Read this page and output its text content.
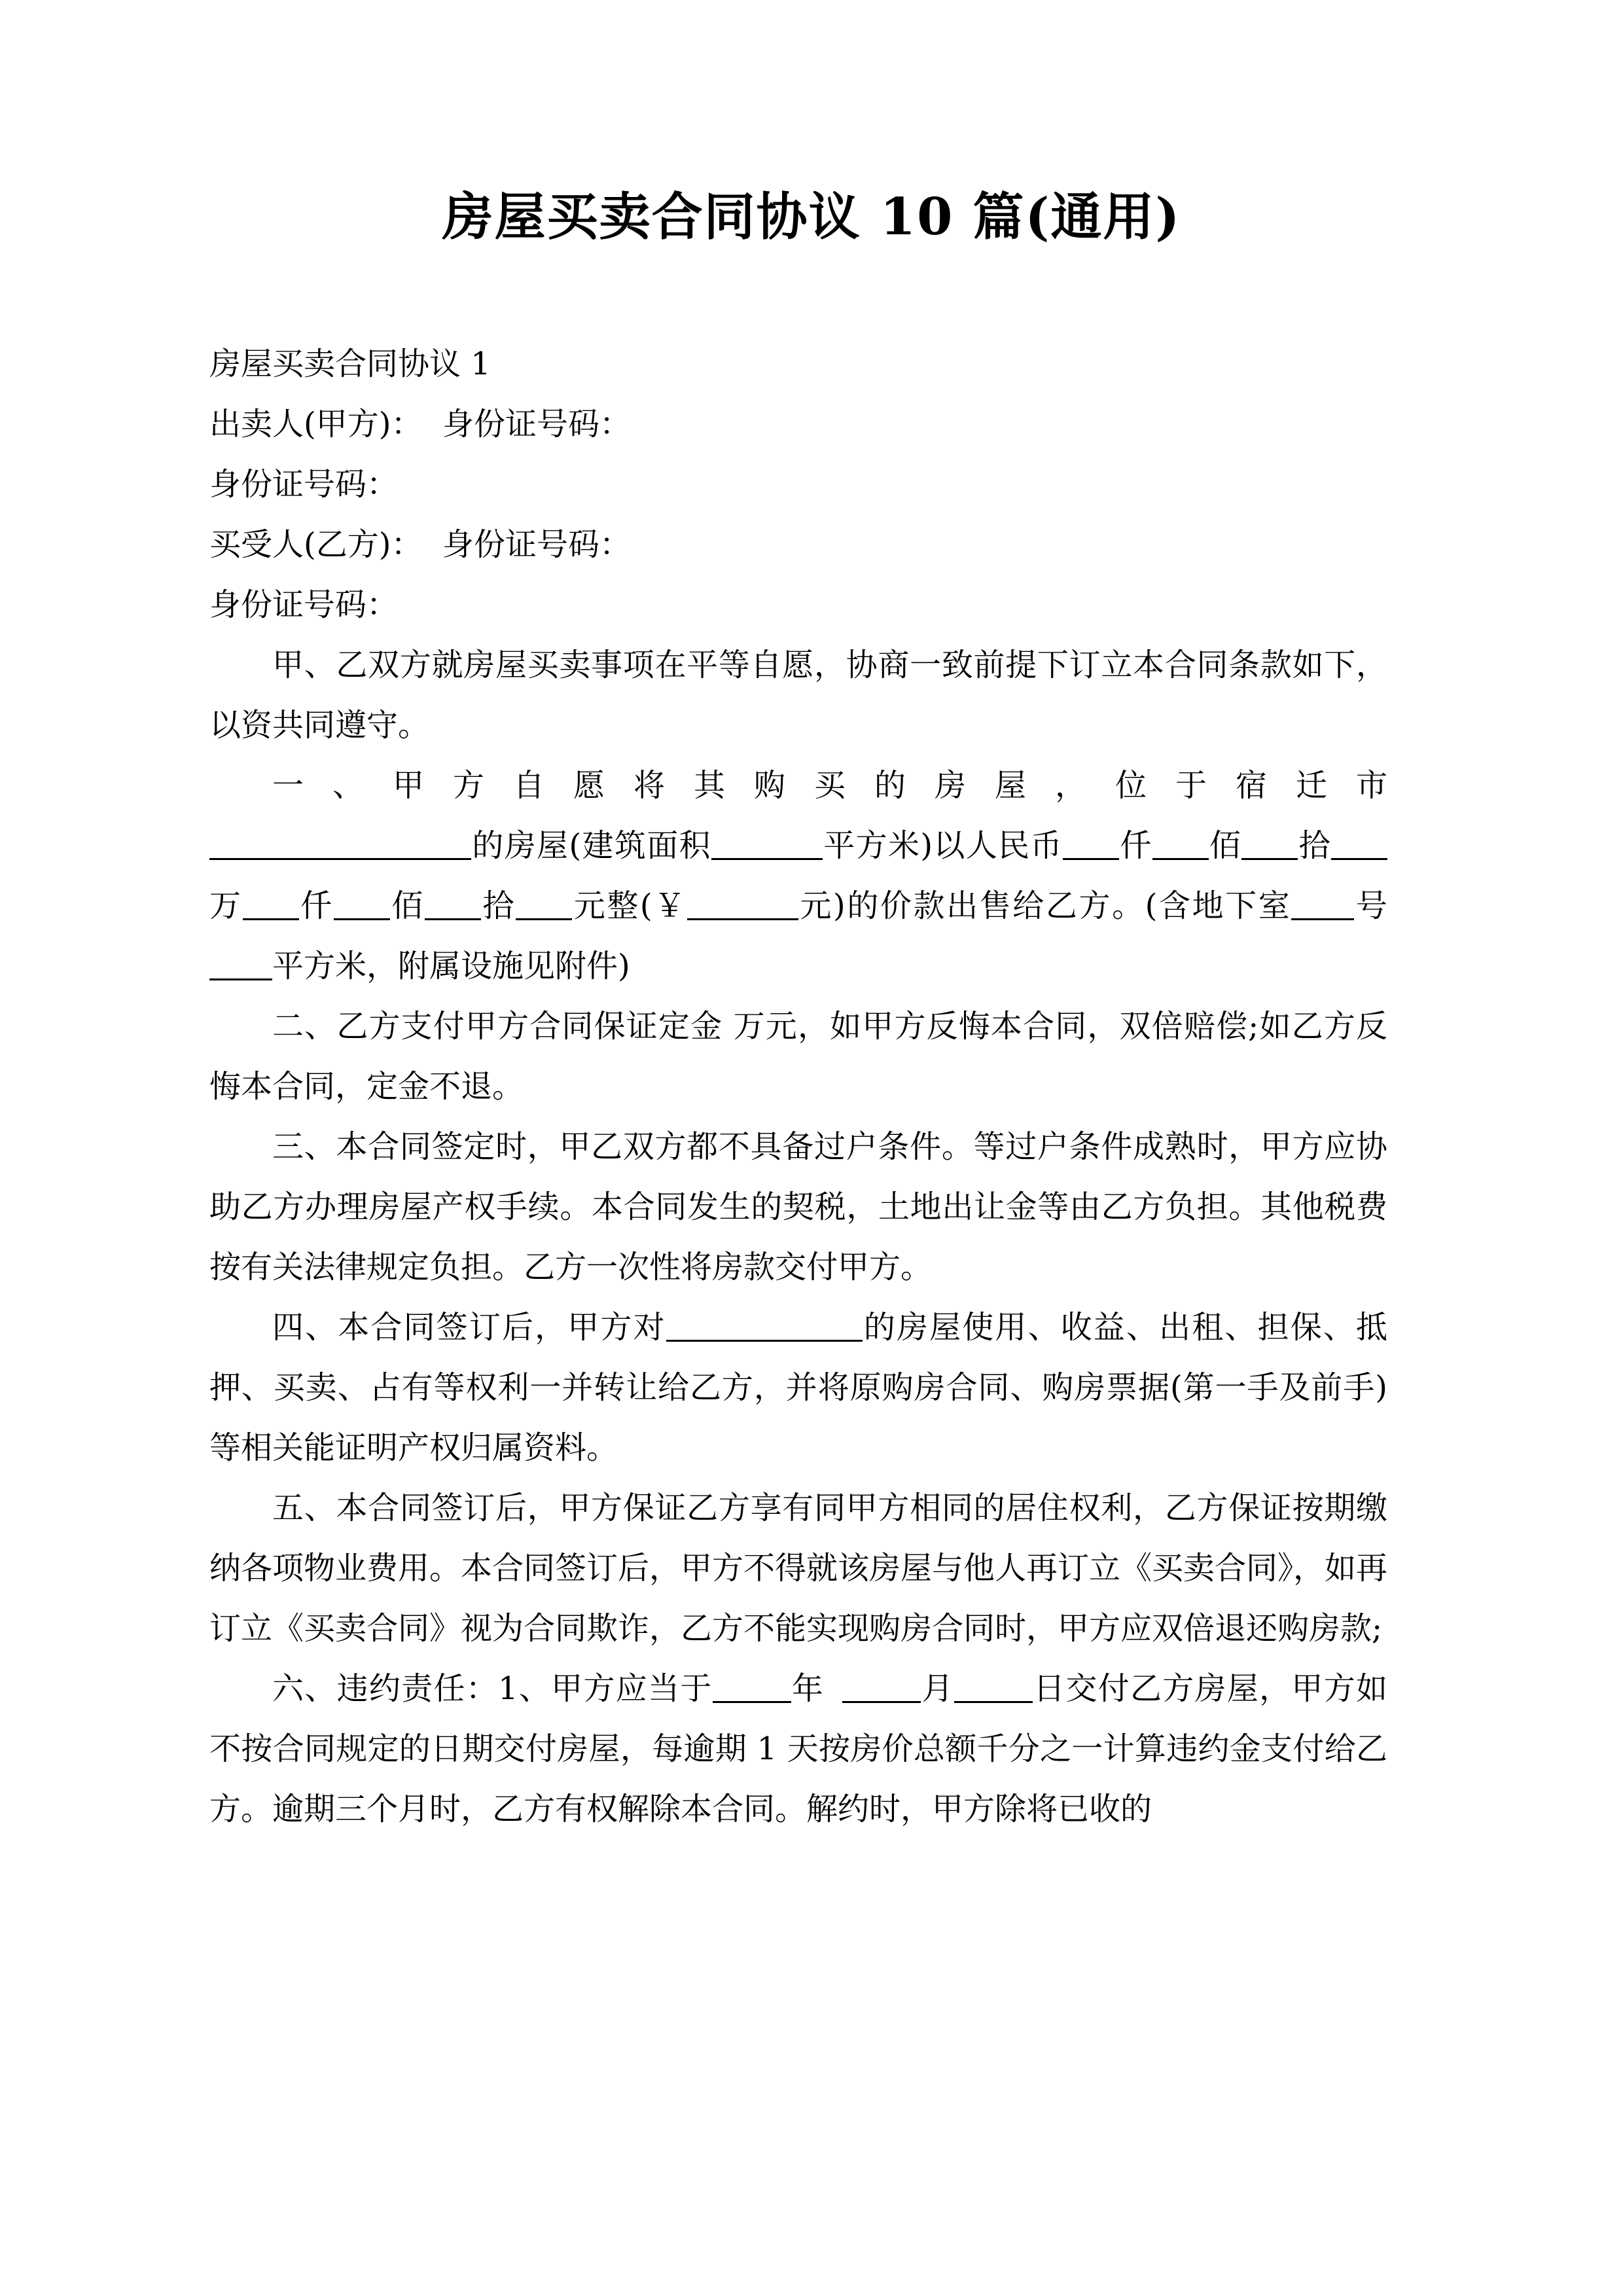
房屋买卖合同协议 10 篇(通用)

房屋买卖合同协议 1

出卖人(甲方)：  身份证号码：

身份证号码：

买受人(乙方)：  身份证号码：

身份证号码：

甲、乙双方就房屋买卖事项在平等自愿，协商一致前提下订立本合同条款如下，以资共同遵守。

一、甲方自愿将其购买的房屋，位于宿迁市

的房屋(建筑面积	平方米)以人民币 仟 佰 拾万 仟 佰 拾 元整(￥	元)的价款出售给乙方。(含地下室 号平方米，附属设施见附件)

二、乙方支付甲方合同保证定金 万元，如甲方反悔本合同，双倍赔偿;如乙方反悔本合同，定金不退。

三、本合同签定时，甲乙双方都不具备过户条件。等过户条件成熟时，甲方应协助乙方办理房屋产权手续。本合同发生的契税，土地出让金等由乙方负担。其他税费按有关法律规定负担。乙方一次性将房款交付甲方。

四、本合同签订后，甲方对	的房屋使用、收益、出租、担保、抵押、买卖、占有等权利一并转让给乙方，并将原购房合同、购房票据(第一手及前手)等相关能证明产权归属资料。

五、本合同签订后，甲方保证乙方享有同甲方相同的居住权利，乙方保证按期缴纳各项物业费用。本合同签订后，甲方不得就该房屋与他人再订立《买卖合同》，如再订立《买卖合同》视为合同欺诈，乙方不能实现购房合同时，甲方应双倍退还购房款;

六、违约责任：1、甲方应当于	年	月	日交付乙方房屋，甲方如不按合同规定的日期交付房屋，每逾期 1 天按房价总额千分之一计算违约金支付给乙方。逾期三个月时，乙方有权解除本合同。解约时，甲方除将已收的
